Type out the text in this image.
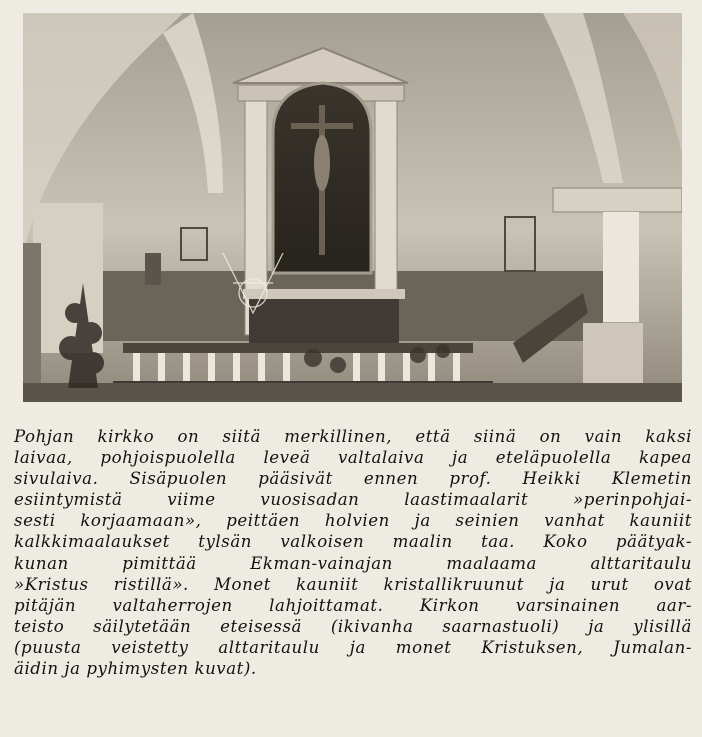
Pohjan kirkko on siitä merkillinen, että siinä on vain kaksi
laivaa, pohjoispuolella leveä valtalaiva ja eteläpuolella kapea
sivulaiva. Sisäpuolen pääsivät ennen prof. Heikki Klemetin
esiintymistä viime vuosisadan laastimaalarit »perinpohjai-
sesti korjaamaan», peittäen holvien ja seinien vanhat kauniit
kalkkimaalaukset tylsän valkoisen maalin taa. Koko päätyak-
kunan pimittää Ekman-vainajan maalaama alttaritaulu
»Kristus ristillä». Monet kauniit kristallikruunut ja urut ovat
pitäjän valtaherrojen lahjoittamat. Kirkon varsinainen aar-
teisto säilytetään eteisessä (ikivanha saarnastuoli) ja ylisillä
(puusta veistetty alttaritaulu ja monet Kristuksen, Jumalan-
äidin ja pyhimysten kuvat).
